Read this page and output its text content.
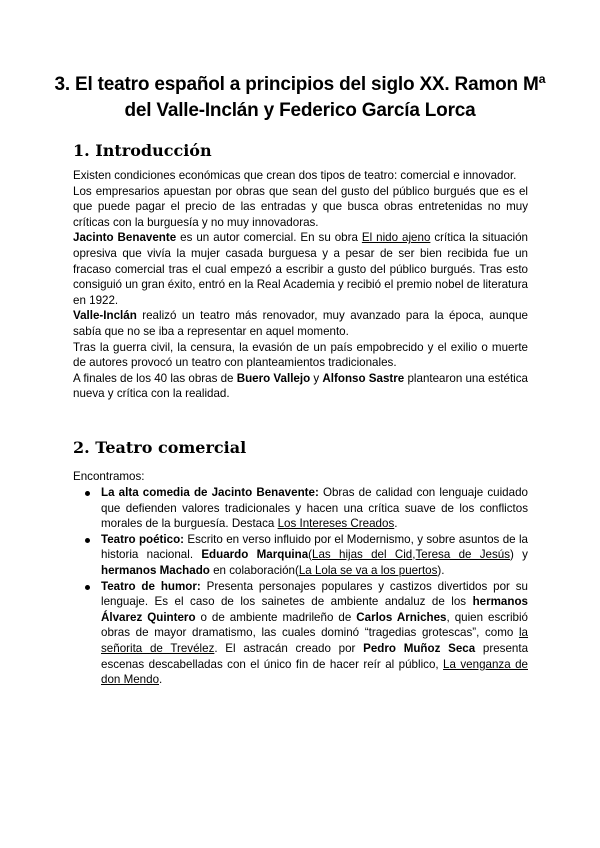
3. El teatro español a principios del siglo XX. Ramon Mª
del Valle-Inclán y Federico García Lorca
1. Introducción

Existen condiciones económicas que crean dos tipos de teatro: comercial e innovador.

Los empresarios apuestan por obras que sean del gusto del público burgués que es el que puede pagar el precio de las entradas y que busca obras entretenidas no muy críticas con la burguesía y no muy innovadoras.

Jacinto Benavente es un autor comercial. En su obra El nido ajeno crítica la situación opresiva que vivía la mujer casada burguesa y a pesar de ser bien recibida fue un fracaso comercial tras el cual empezó a escribir a gusto del público burgués. Tras esto consiguió un gran éxito, entró en la Real Academia y recibió el premio nobel de literatura en 1922.

Valle-Inclán realizó un teatro más renovador, muy avanzado para la época, aunque sabía que no se iba a representar en aquel momento.

Tras la guerra civil, la censura, la evasión de un país empobrecido y el exilio o muerte de autores provocó un teatro con planteamientos tradicionales.

A finales de los 40 las obras de Buero Vallejo y Alfonso Sastre plantearon una estética nueva y crítica con la realidad.

2. Teatro comercial

Encontramos:

La alta comedia de Jacinto Benavente: Obras de calidad con lenguaje cuidado que defienden valores tradicionales y hacen una crítica suave de los conflictos morales de la burguesía. Destaca Los Intereses Creados.
Teatro poético: Escrito en verso influido por el Modernismo, y sobre asuntos de la historia nacional. Eduardo Marquina(Las hijas del Cid,Teresa de Jesús) y hermanos Machado en colaboración(La Lola se va a los puertos).
Teatro de humor: Presenta personajes populares y castizos divertidos por su lenguaje. Es el caso de los sainetes de ambiente andaluz de los hermanos Álvarez Quintero o de ambiente madrileño de Carlos Arniches, quien escribió obras de mayor dramatismo, las cuales dominó “tragedias grotescas”, como la señorita de Trevélez. El astracán creado por Pedro Muñoz Seca presenta escenas descabelladas con el único fin de hacer reír al público, La venganza de don Mendo.
